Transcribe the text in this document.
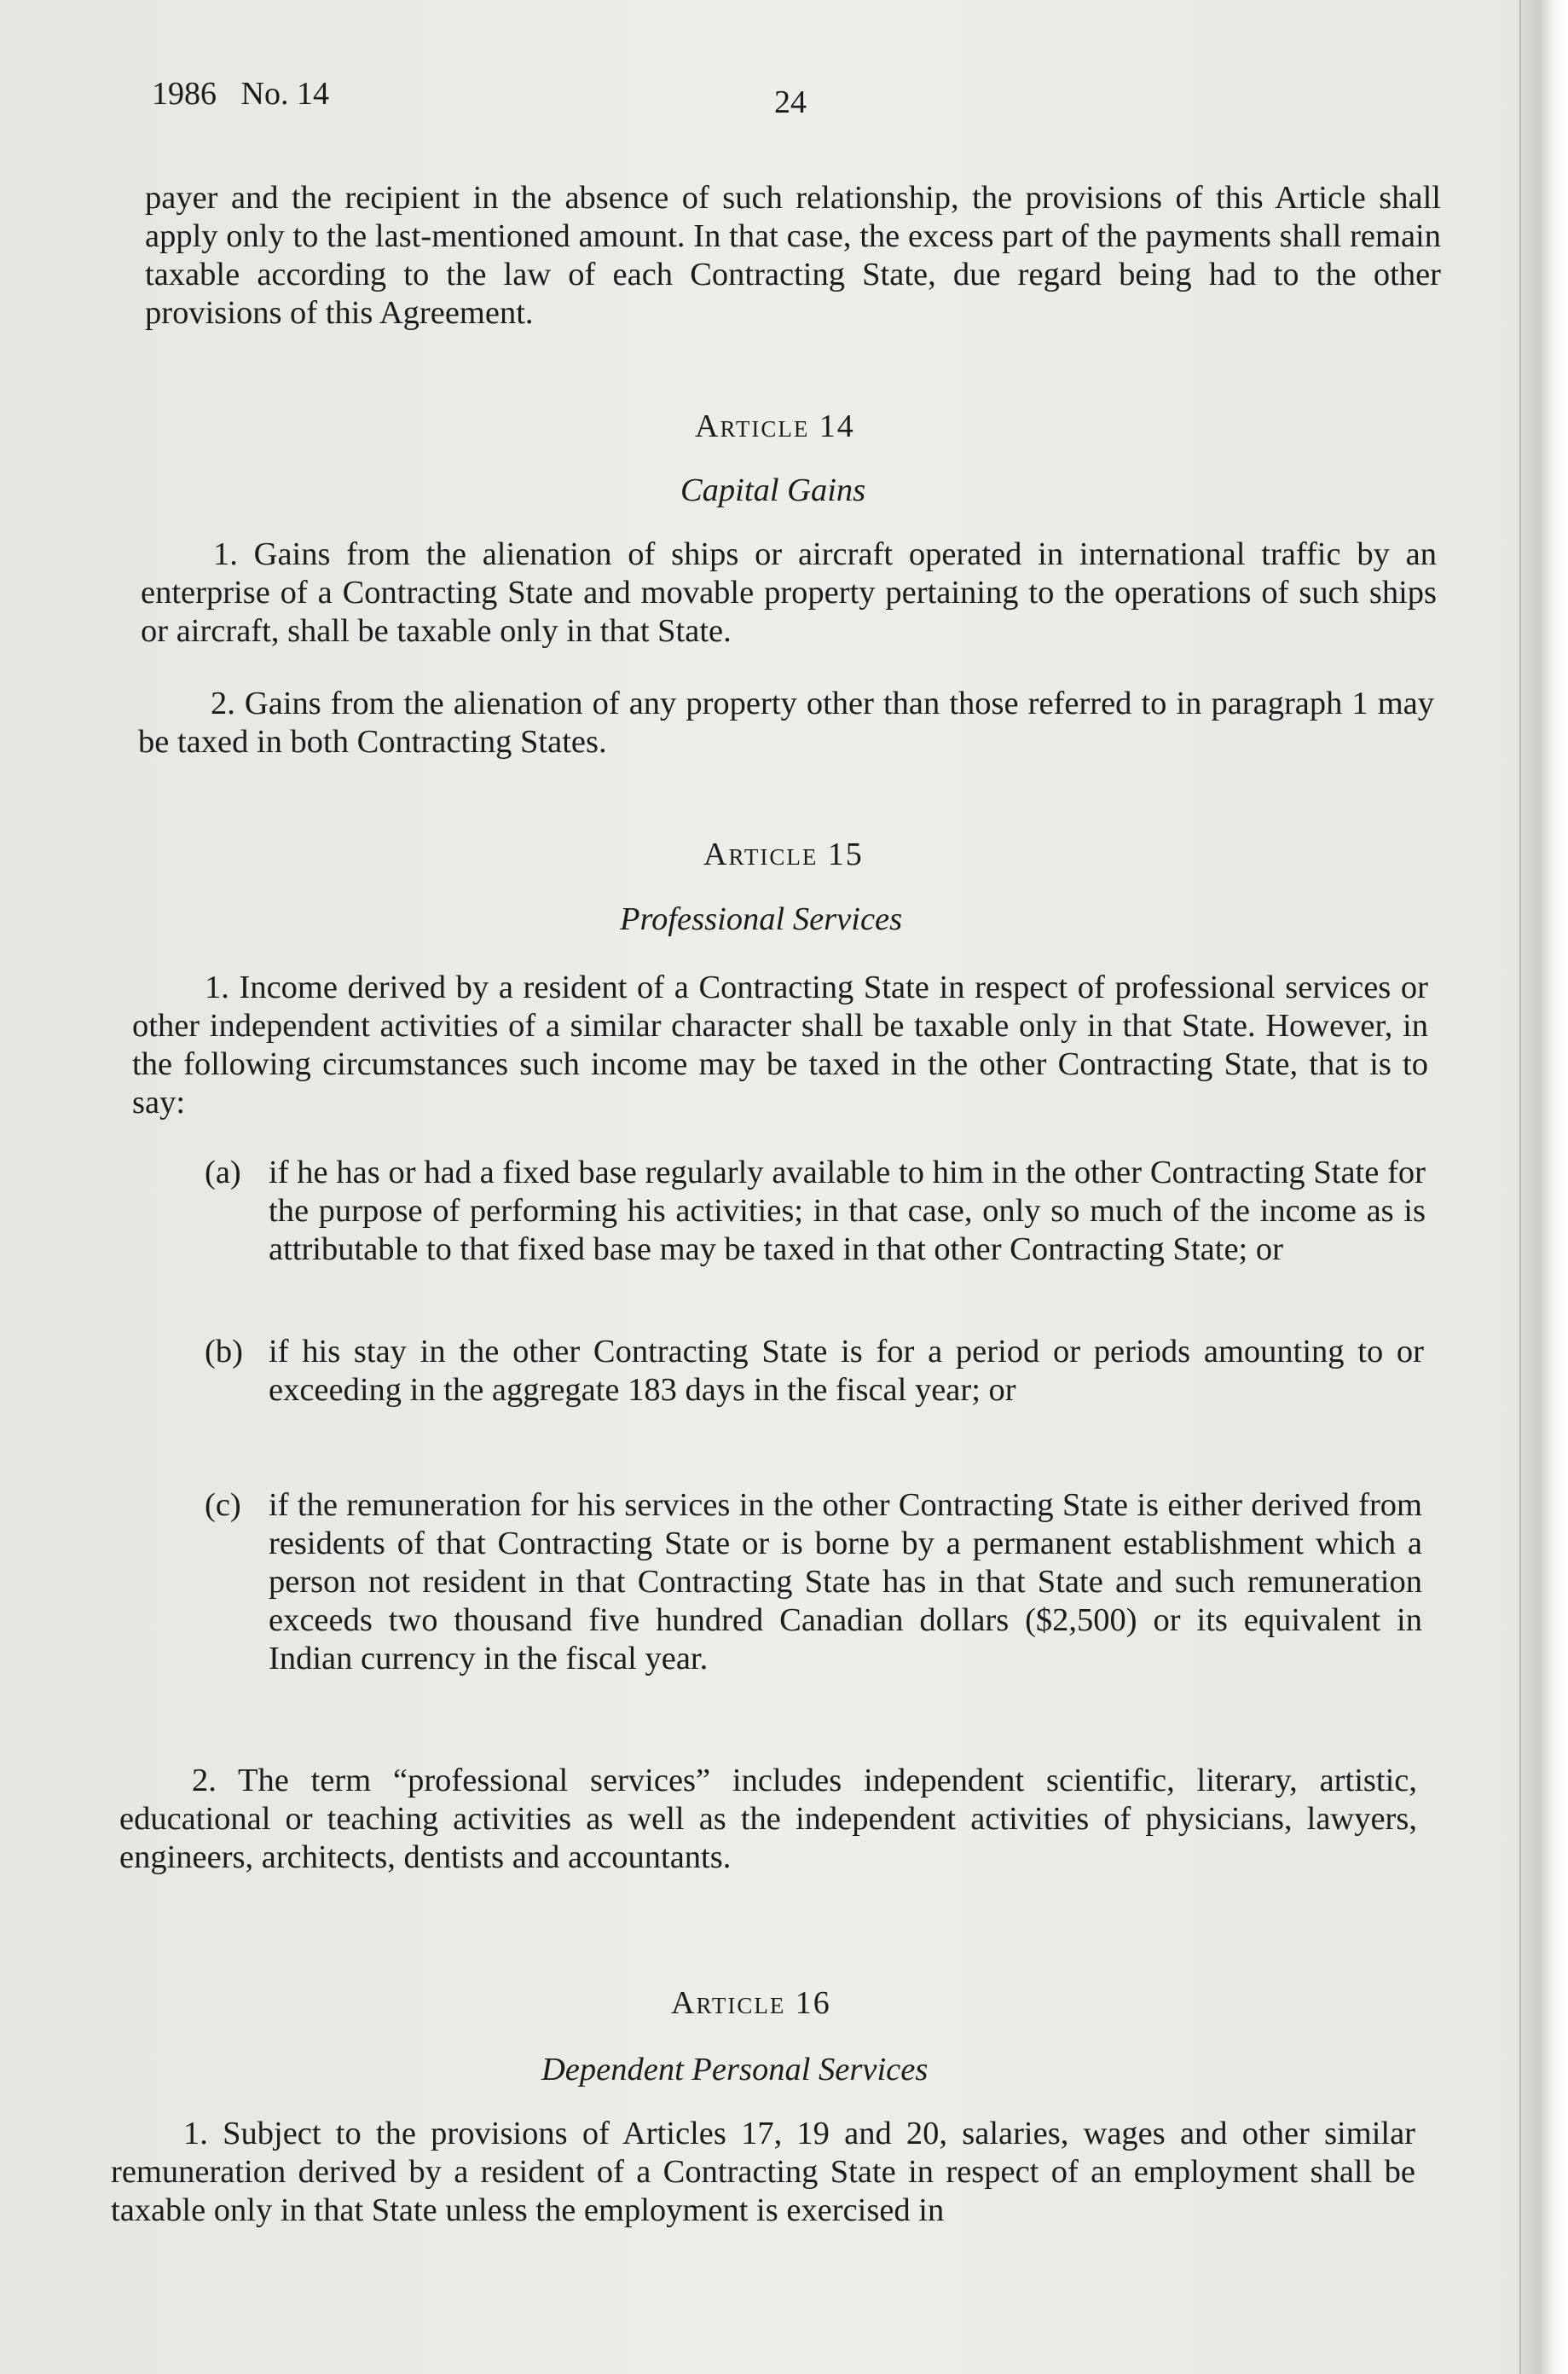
1986   No. 14	24

payer and the recipient in the absence of such relationship, the provisions of this Article shall apply only to the last-mentioned amount. In that case, the excess part of the payments shall remain taxable according to the law of each Contracting State, due regard being had to the other provisions of this Agreement.

Article 14

Capital Gains

1. Gains from the alienation of ships or aircraft operated in international traffic by an enterprise of a Contracting State and movable property pertaining to the operations of such ships or aircraft, shall be taxable only in that State.

2. Gains from the alienation of any property other than those referred to in paragraph 1 may be taxed in both Contracting States.

Article 15

Professional Services

1. Income derived by a resident of a Contracting State in respect of professional services or other independent activities of a similar character shall be taxable only in that State. However, in the following circumstances such income may be taxed in the other Contracting State, that is to say:

(a) if he has or had a fixed base regularly available to him in the other Contracting State for the purpose of performing his activities; in that case, only so much of the income as is attributable to that fixed base may be taxed in that other Contracting State; or
(b) if his stay in the other Contracting State is for a period or periods amounting to or exceeding in the aggregate 183 days in the fiscal year; or
(c) if the remuneration for his services in the other Contracting State is either derived from residents of that Contracting State or is borne by a permanent establishment which a person not resident in that Contracting State has in that State and such remuneration exceeds two thousand five hundred Canadian dollars ($2,500) or its equivalent in Indian currency in the fiscal year.

2. The term “professional services” includes independent scientific, literary, artistic, educational or teaching activities as well as the independent activities of physicians, lawyers, engineers, architects, dentists and accountants.

Article 16

Dependent Personal Services

1. Subject to the provisions of Articles 17, 19 and 20, salaries, wages and other similar remuneration derived by a resident of a Contracting State in respect of an employment shall be taxable only in that State unless the employment is exercised in
